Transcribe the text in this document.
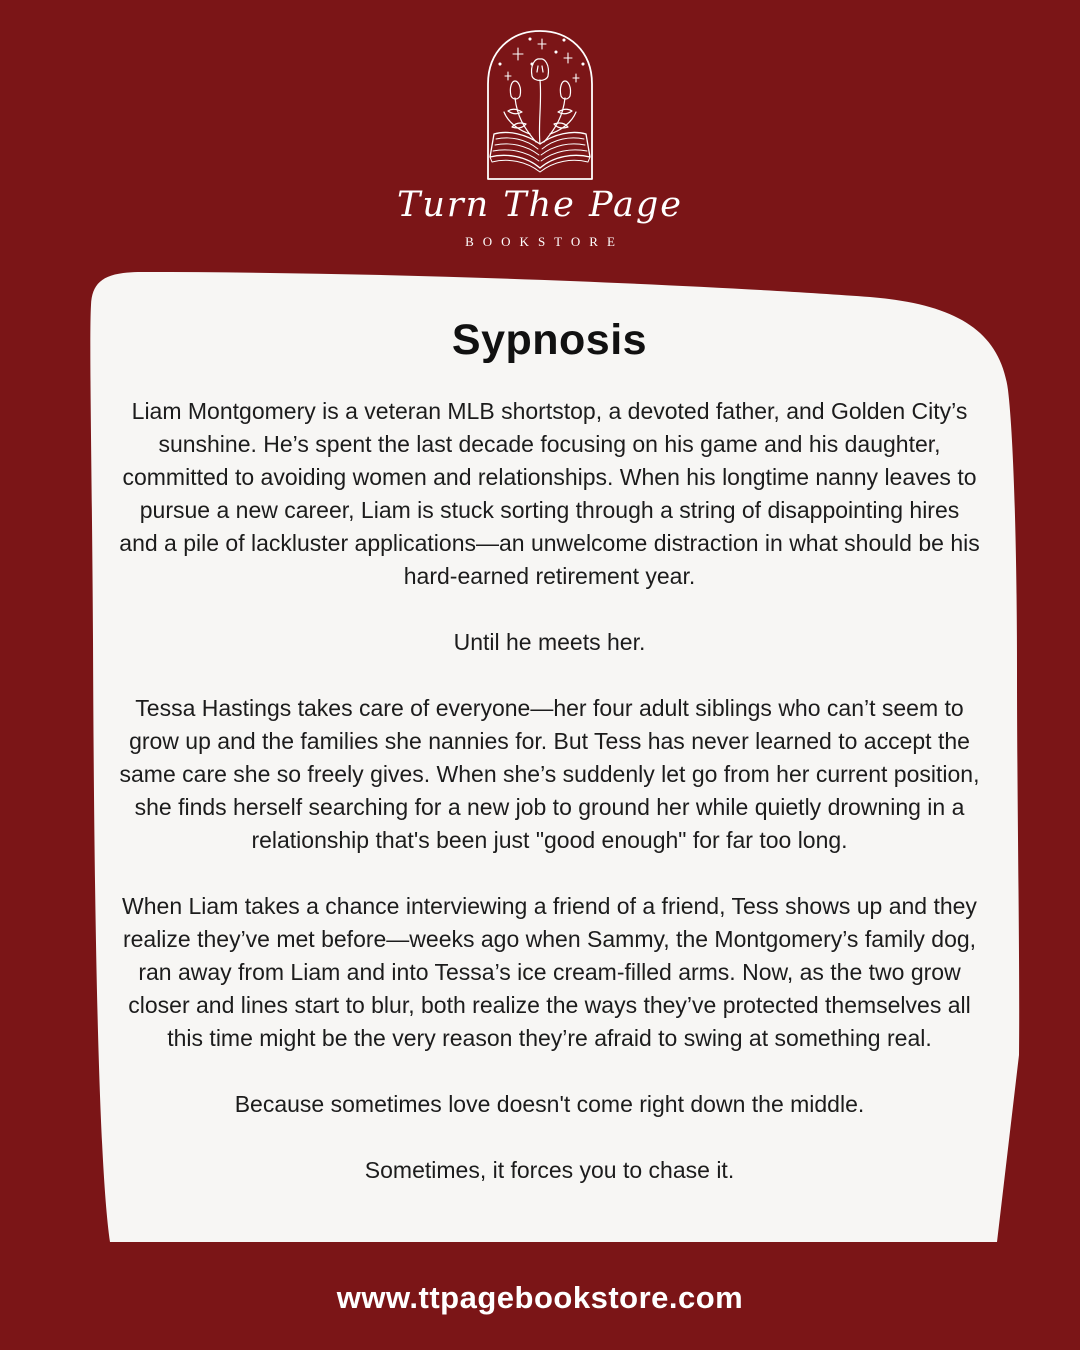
Turn The Page
BOOKSTORE
Sypnosis

Liam Montgomery is a veteran MLB shortstop, a devoted father, and Golden City’s sunshine. He’s spent the last decade focusing on his game and his daughter, committed to avoiding women and relationships. When his longtime nanny leaves to pursue a new career, Liam is stuck sorting through a string of disappointing hires and a pile of lackluster applications—an unwelcome distraction in what should be his hard-earned retirement year.

Until he meets her.

Tessa Hastings takes care of everyone—her four adult siblings who can’t seem to grow up and the families she nannies for. But Tess has never learned to accept the same care she so freely gives. When she’s suddenly let go from her current position, she finds herself searching for a new job to ground her while quietly drowning in a relationship that's been just "good enough" for far too long.

When Liam takes a chance interviewing a friend of a friend, Tess shows up and they realize they’ve met before—weeks ago when Sammy, the Montgomery’s family dog, ran away from Liam and into Tessa’s ice cream-filled arms. Now, as the two grow closer and lines start to blur, both realize the ways they’ve protected themselves all this time might be the very reason they’re afraid to swing at something real.

Because sometimes love doesn't come right down the middle.

Sometimes, it forces you to chase it.

www.ttpagebookstore.com
